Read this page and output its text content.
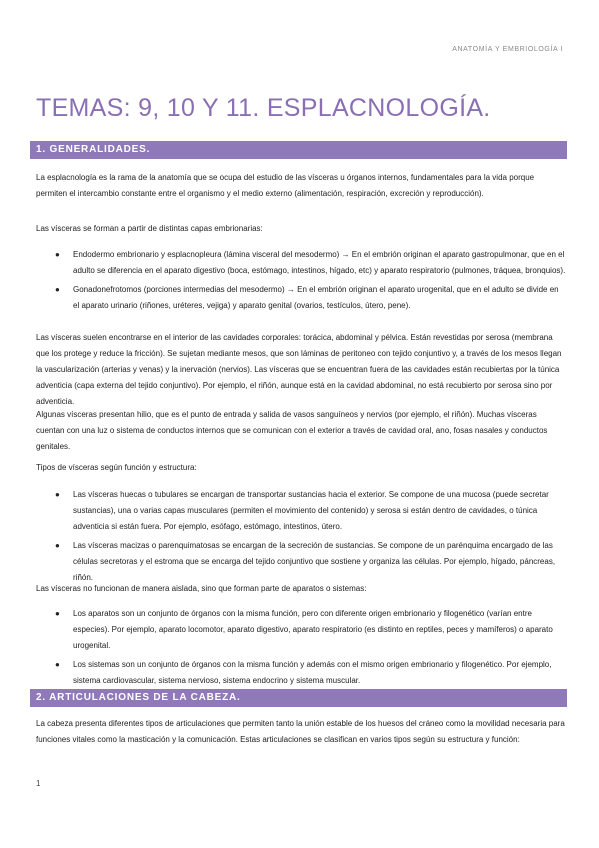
ANATOMÍA Y EMBRIOLOGÍA I
TEMAS: 9, 10 Y 11. ESPLACNOLOGÍA.
1. GENERALIDADES.
La esplacnología es la rama de la anatomía que se ocupa del estudio de las vísceras u órganos internos, fundamentales para la vida porque permiten el intercambio constante entre el organismo y el medio externo (alimentación, respiración, excreción y reproducción).
Las vísceras se forman a partir de distintas capas embrionarias:
● Endodermo embrionario y esplacnopleura (lámina visceral del mesodermo) → En el embrión originan el aparato gastropulmonar, que en el adulto se diferencia en el aparato digestivo (boca, estómago, intestinos, hígado, etc) y aparato respiratorio (pulmones, tráquea, bronquios).
● Gonadonefrotomos (porciones intermedias del mesodermo) → En el embrión originan el aparato urogenital, que en el adulto se divide en el aparato urinario (riñones, uréteres, vejiga) y aparato genital (ovarios, testículos, útero, pene).
Las vísceras suelen encontrarse en el interior de las cavidades corporales: torácica, abdominal y pélvica. Están revestidas por serosa (membrana que los protege y reduce la fricción). Se sujetan mediante mesos, que son láminas de peritoneo con tejido conjuntivo y, a través de los mesos llegan la vascularización (arterias y venas) y la inervación (nervios). Las vísceras que se encuentran fuera de las cavidades están recubiertas por la túnica adventicia (capa externa del tejido conjuntivo). Por ejemplo, el riñón, aunque está en la cavidad abdominal, no está recubierto por serosa sino por adventicia.
Algunas vísceras presentan hilio, que es el punto de entrada y salida de vasos sanguíneos y nervios (por ejemplo, el riñón). Muchas vísceras cuentan con una luz o sistema de conductos internos que se comunican con el exterior a través de cavidad oral, ano, fosas nasales y conductos genitales.
Tipos de vísceras según función y estructura:
● Las vísceras huecas o tubulares se encargan de transportar sustancias hacia el exterior. Se compone de una mucosa (puede secretar sustancias), una o varias capas musculares (permiten el movimiento del contenido) y serosa si están dentro de cavidades, o túnica adventicia si están fuera. Por ejemplo, esófago, estómago, intestinos, útero.
● Las vísceras macizas o parenquimatosas se encargan de la secreción de sustancias. Se compone de un parénquima encargado de las células secretoras y el estroma que se encarga del tejido conjuntivo que sostiene y organiza las células. Por ejemplo, hígado, páncreas, riñón.
Las vísceras no funcionan de manera aislada, sino que forman parte de aparatos o sistemas:
● Los aparatos son un conjunto de órganos con la misma función, pero con diferente origen embrionario y filogenético (varían entre especies). Por ejemplo, aparato locomotor, aparato digestivo, aparato respiratorio (es distinto en reptiles, peces y mamíferos) o aparato urogenital.
● Los sistemas son un conjunto de órganos con la misma función y además con el mismo origen embrionario y filogenético. Por ejemplo, sistema cardiovascular, sistema nervioso, sistema endocrino y sistema muscular.
2. ARTICULACIONES DE LA CABEZA.
La cabeza presenta diferentes tipos de articulaciones que permiten tanto la unión estable de los huesos del cráneo como la movilidad necesaria para funciones vitales como la masticación y la comunicación. Estas articulaciones se clasifican en varios tipos según su estructura y función:
1
